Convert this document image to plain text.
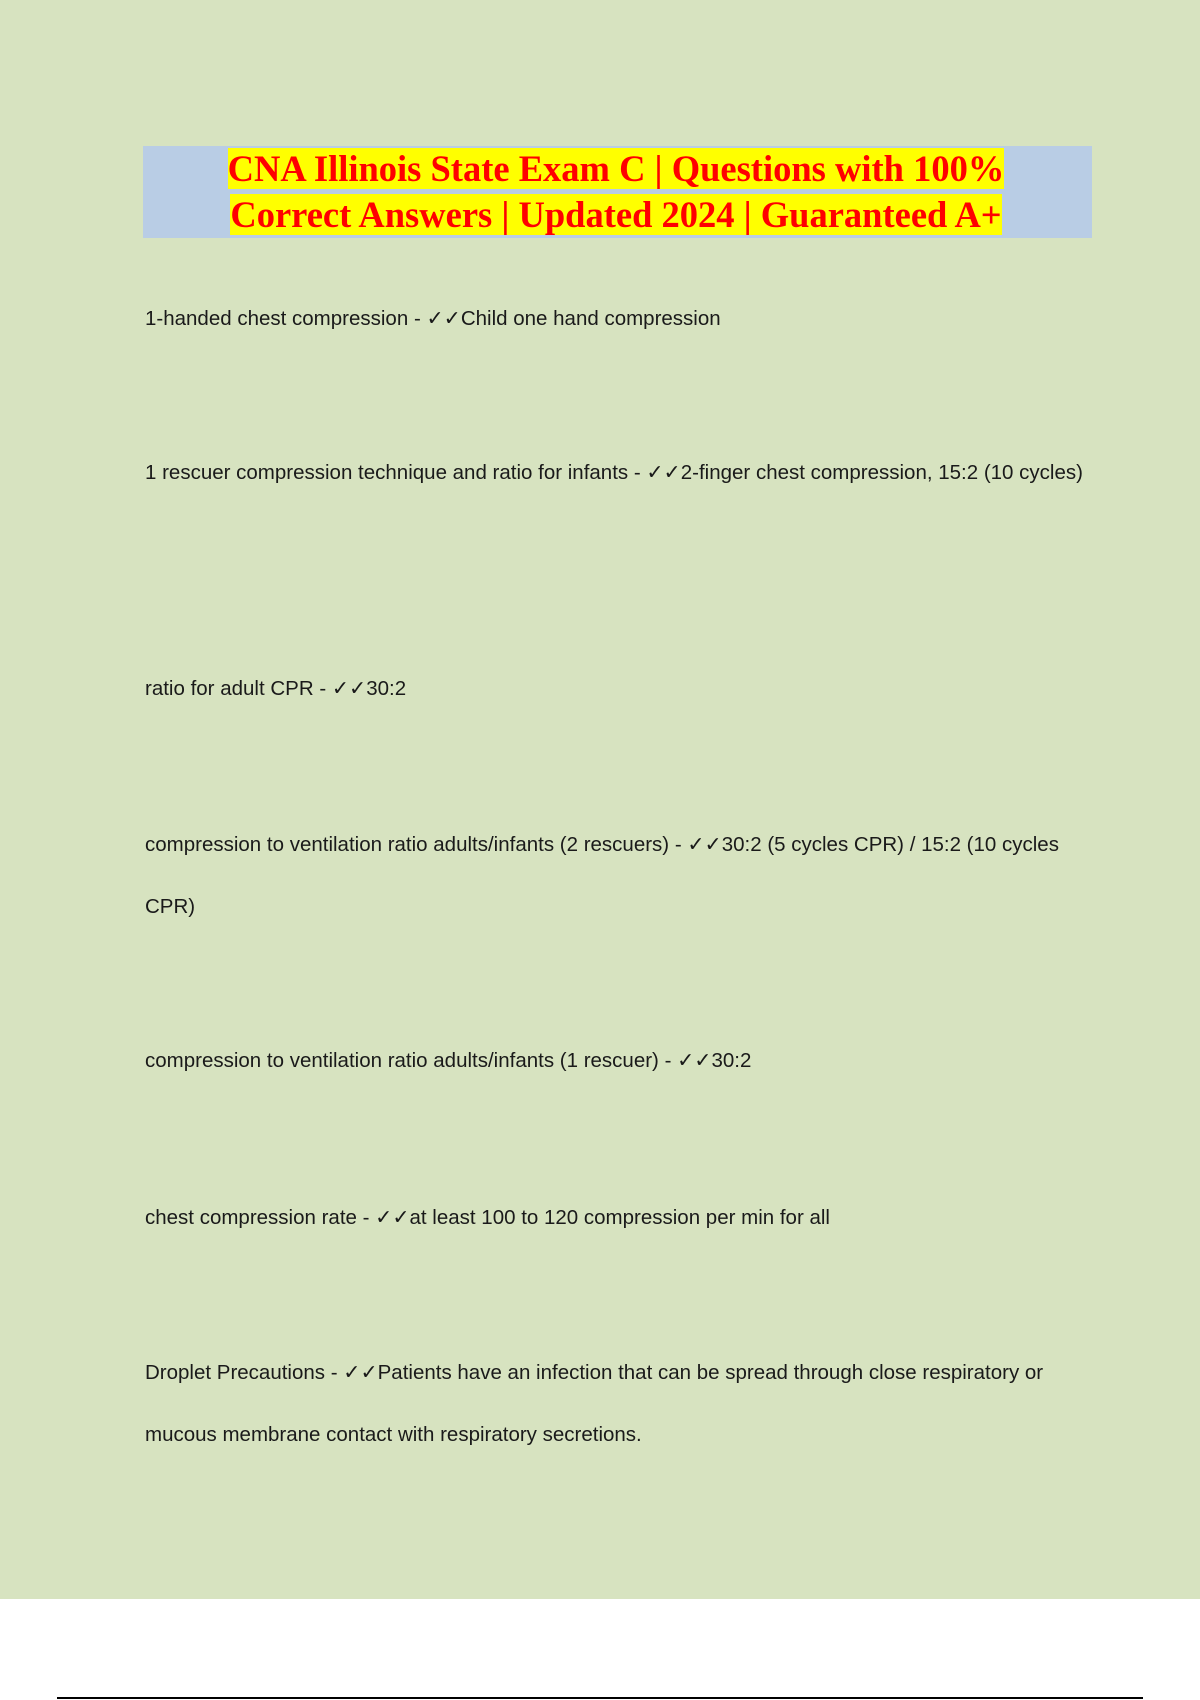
CNA Illinois State Exam C | Questions with 100% Correct Answers | Updated 2024 | Guaranteed A+

1-handed chest compression - ✓✓Child one hand compression

1 rescuer compression technique and ratio for infants - ✓✓2-finger chest compression, 15:2 (10 cycles)

ratio for adult CPR - ✓✓30:2

compression to ventilation ratio adults/infants (2 rescuers) - ✓✓30:2 (5 cycles CPR) / 15:2 (10 cycles CPR)

compression to ventilation ratio adults/infants (1 rescuer) - ✓✓30:2

chest compression rate - ✓✓at least 100 to 120 compression per min for all

Droplet Precautions - ✓✓Patients have an infection that can be spread through close respiratory or mucous membrane contact with respiratory secretions.
